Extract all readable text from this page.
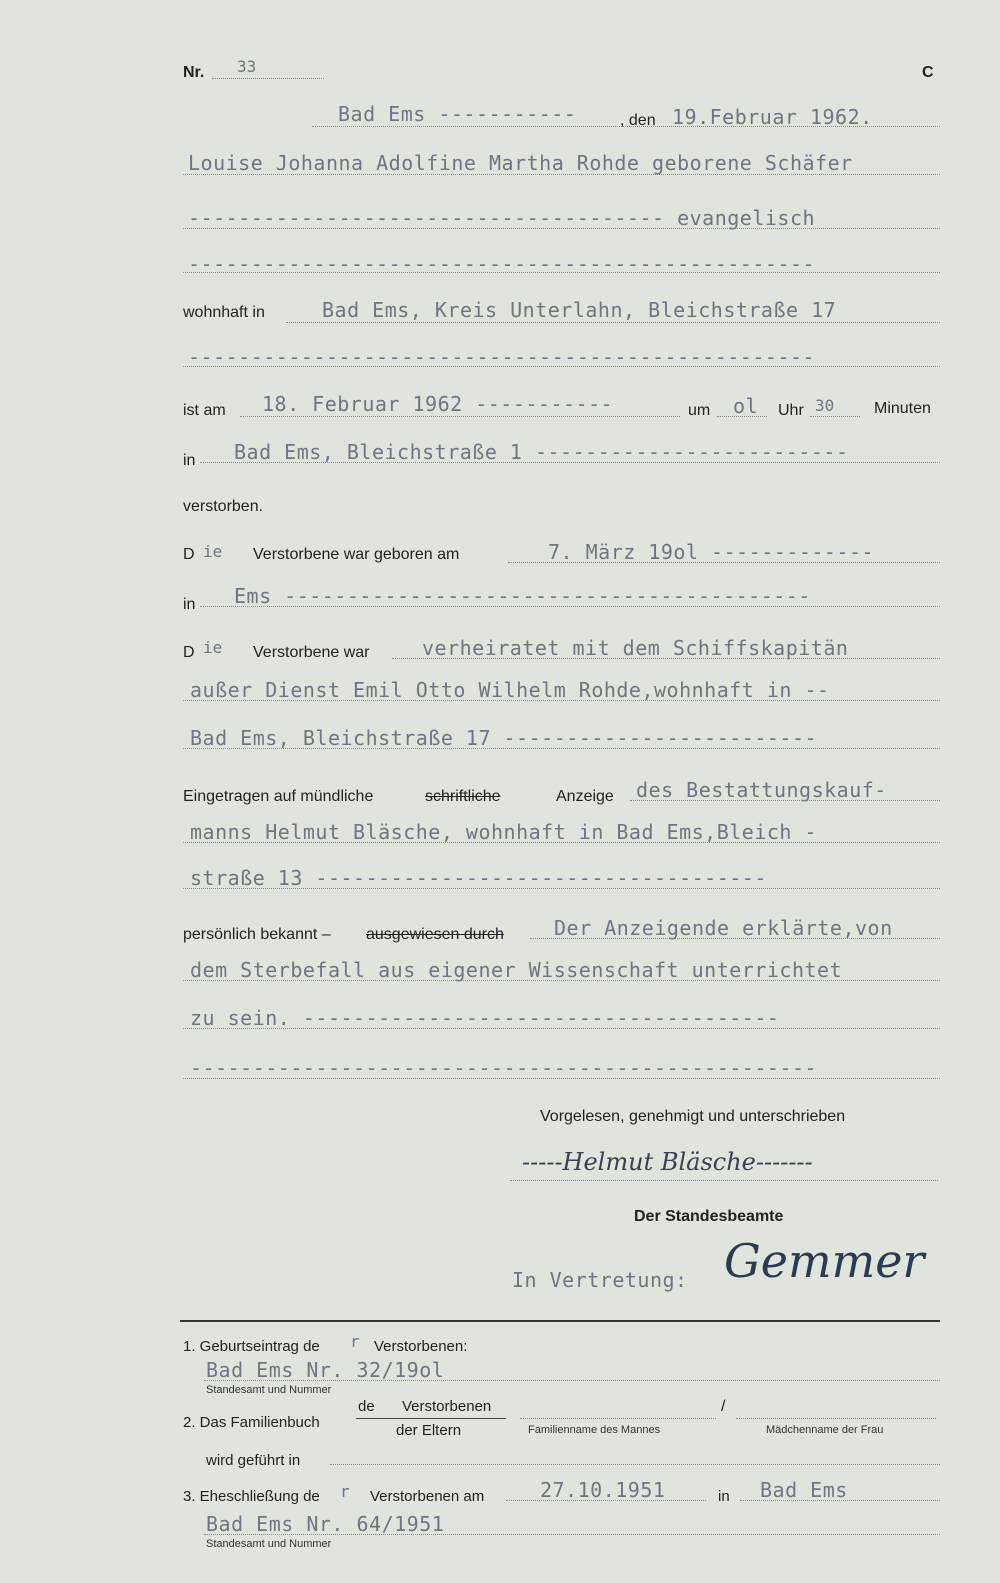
Nr. 33	C
Bad Ems -----------	, den 19.Februar 1962.
Louise Johanna Adolfine Martha Rohde geborene Schäfer
-------------------------------------- evangelisch
--------------------------------------------------
wohnhaft in	Bad Ems, Kreis Unterlahn, Bleichstraße 17
--------------------------------------------------
ist am 18. Februar 1962 -----------	um ol Uhr 30 Minuten
in Bad Ems, Bleichstraße 1 -------------------------
verstorben.
D ie Verstorbene war geboren am	7. März 19ol -------------
in Ems ------------------------------------------
D ie Verstorbene war	verheiratet mit dem Schiffskapitän
außer Dienst Emil Otto Wilhelm Rohde,wohnhaft in --
Bad Ems, Bleichstraße 17 -------------------------
Eingetragen auf mündliche	schriftliche	Anzeige des Bestattungskauf-
manns Helmut Bläsche, wohnhaft in Bad Ems,Bleich -
straße 13 ------------------------------------
persönlich bekannt – ausgewiesen durch	Der Anzeigende erklärte,von
dem Sterbefall aus eigener Wissenschaft unterrichtet
zu sein. --------------------------------------
--------------------------------------------------
Vorgelesen, genehmigt und unterschrieben
-----Helmut Bläsche-------
Der Standesbeamte
In Vertretung: Gemmer
1. Geburtseintrag de r Verstorbenen:
Bad Ems Nr. 32/19ol
Standesamt und Nummer
2. Das Familienbuch
de Verstorbenen
der Eltern
/
Familienname des Mannes	Mädchenname der Frau
wird geführt in
3. Eheschließung de r Verstorbenen am	27.10.1951	in Bad Ems
Bad Ems Nr. 64/1951
Standesamt und Nummer
